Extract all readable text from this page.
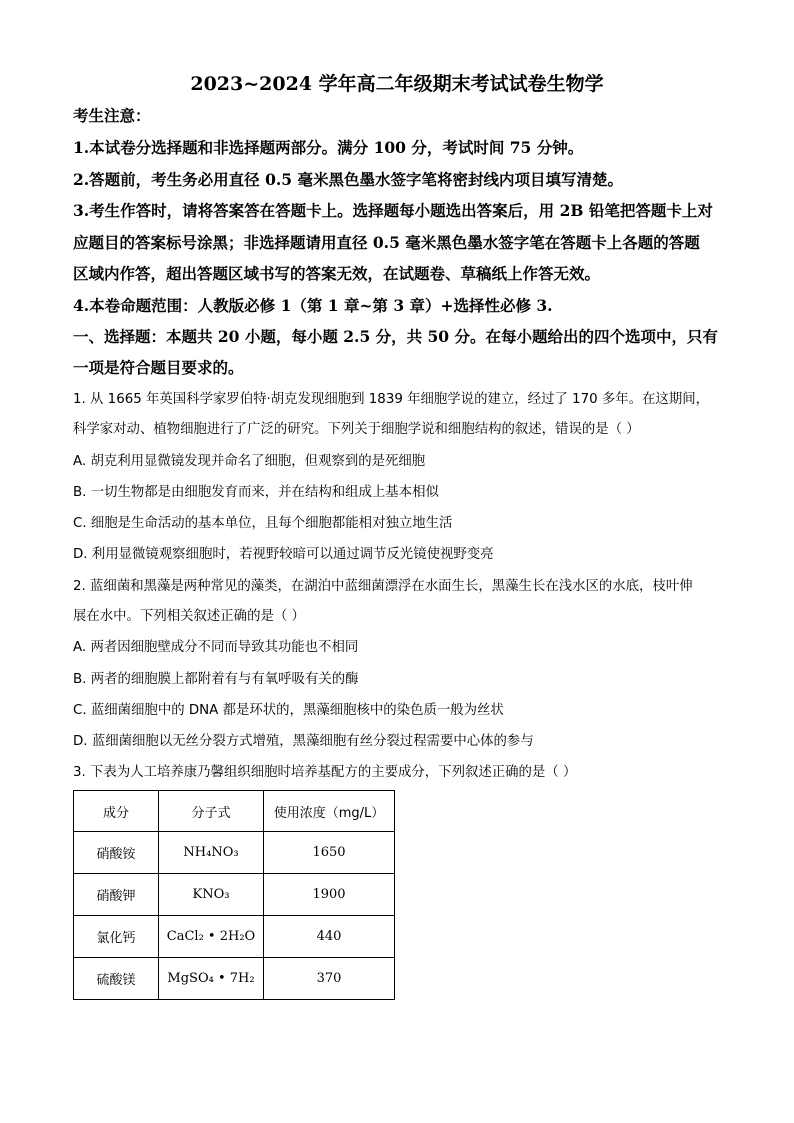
2023~2024 学年高二年级期末考试试卷生物学
考生注意：
1.本试卷分选择题和非选择题两部分。满分 100 分，考试时间 75 分钟。
2.答题前，考生务必用直径 0.5 毫米黑色墨水签字笔将密封线内项目填写清楚。
3.考生作答时，请将答案答在答题卡上。选择题每小题选出答案后，用 2B 铅笔把答题卡上对
应题目的答案标号涂黑；非选择题请用直径 0.5 毫米黑色墨水签字笔在答题卡上各题的答题
区域内作答，超出答题区域书写的答案无效，在试题卷、草稿纸上作答无效。
4.本卷命题范围：人教版必修 1（第 1 章~第 3 章）+选择性必修 3.
一、选择题：本题共 20 小题，每小题 2.5 分，共 50 分。在每小题给出的四个选项中，只有
一项是符合题目要求的。
1. 从 1665 年英国科学家罗伯特·胡克发现细胞到 1839 年细胞学说的建立，经过了 170 多年。在这期间，
科学家对动、植物细胞进行了广泛的研究。下列关于细胞学说和细胞结构的叙述，错误的是（ ）
A. 胡克利用显微镜发现并命名了细胞，但观察到的是死细胞
B. 一切生物都是由细胞发育而来，并在结构和组成上基本相似
C. 细胞是生命活动的基本单位，且每个细胞都能相对独立地生活
D. 利用显微镜观察细胞时，若视野较暗可以通过调节反光镜使视野变亮
2. 蓝细菌和黑藻是两种常见的藻类，在湖泊中蓝细菌漂浮在水面生长，黑藻生长在浅水区的水底，枝叶伸
展在水中。下列相关叙述正确的是（ ）
A. 两者因细胞壁成分不同而导致其功能也不相同
B. 两者的细胞膜上都附着有与有氧呼吸有关的酶
C. 蓝细菌细胞中的 DNA 都是环状的，黑藻细胞核中的染色质一般为丝状
D. 蓝细菌细胞以无丝分裂方式增殖，黑藻细胞有丝分裂过程需要中心体的参与
3. 下表为人工培养康乃馨组织细胞时培养基配方的主要成分，下列叙述正确的是（ ）
成分	分子式	使用浓度（mg/L）
硝酸铵	NH₄NO₃	1650
硝酸钾	KNO₃	1900
氯化钙	CaCl₂ • 2H₂O	440
硫酸镁	MgSO₄ • 7H₂	370
